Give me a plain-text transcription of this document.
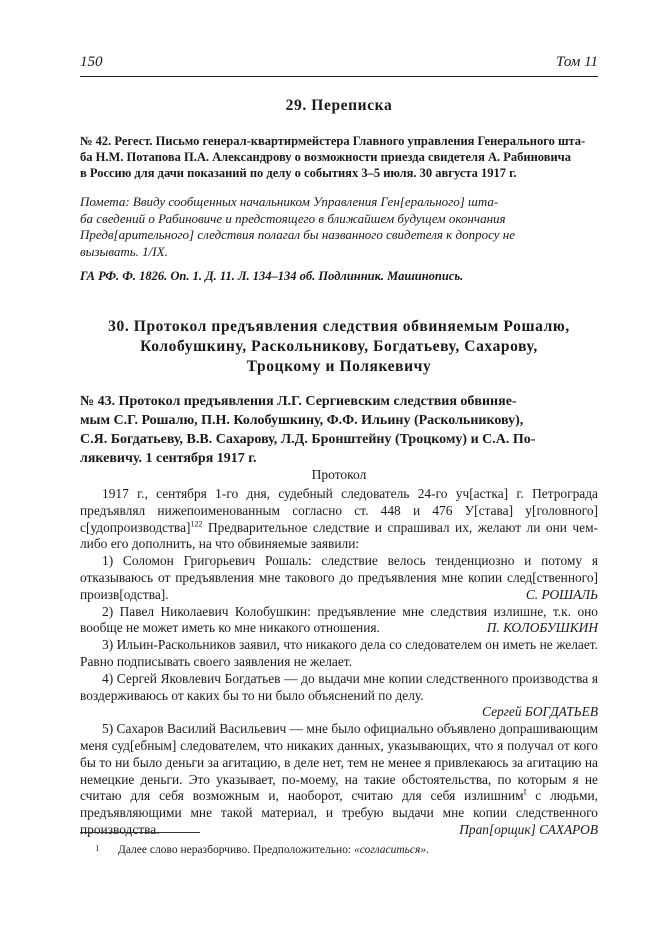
150	Том 11
29. Переписка
№ 42. Регест. Письмо генерал-квартирмейстера Главного управления Генерального шта-
ба Н.М. Потапова П.А. Александрову о возможности приезда свидетеля А. Рабиновича
в Россию для дачи показаний по делу о событиях 3–5 июля. 30 августа 1917 г.
Помета: Ввиду сообщенных начальником Управления Ген[ерального] шта-
ба сведений о Рабиновиче и предстоящего в ближайшем будущем окончания
Предв[арительного] следствия полагал бы названного свидетеля к допросу не
вызывать. 1/IX.
ГА РФ. Ф. 1826. Оп. 1. Д. 11. Л. 134–134 об. Подлинник. Машинопись.
30. Протокол предъявления следствия обвиняемым Рошалю,
Колобушкину, Раскольникову, Богдатьеву, Сахарову,
Троцкому и Полякевичу
№ 43. Протокол предъявления Л.Г. Сергиевским следствия обвиняе-
мым С.Г. Рошалю, П.Н. Колобушкину, Ф.Ф. Ильину (Раскольникову),
С.Я. Богдатьеву, В.В. Сахарову, Л.Д. Бронштейну (Троцкому) и С.А. По-
лякевичу. 1 сентября 1917 г.
Протокол

1917 г., сентября 1-го дня, судебный следователь 24-го уч[астка] г. Петрограда предъявлял нижепоименованным согласно ст. 448 и 476 У[става] у[головного] с[удопроизводства]$^{122}$ Предварительное следствие и спрашивал их, желают ли они чем-либо его дополнить, на что обвиняемые заявили:

1) Соломон Григорьевич Рошаль: следствие велось тенденциозно и потому я отказываюсь от предъявления мне такового до предъявления мне копии след[ственного] произв[одства].	С. РОШАЛЬ

2) Павел Николаевич Колобушкин: предъявление мне следствия излишне, т.к. оно вообще не может иметь ко мне никакого отношения.	П. КОЛОБУШКИН

3) Ильин-Раскольников заявил, что никакого дела со следователем он иметь не желает. Равно подписывать своего заявления не желает.

4) Сергей Яковлевич Богдатьев — до выдачи мне копии следственного производства я воздерживаюсь от каких бы то ни было объяснений по делу.

Сергей БОГДАТЬЕВ

5) Сахаров Василий Васильевич — мне было официально объявлено допрашивающим меня суд[ебным] следователем, что никаких данных, указывающих, что я получал от кого бы то ни было деньги за агитацию, в деле нет, тем не менее я привлекаюсь за агитацию на немецкие деньги. Это указывает, по-моему, на такие обстоятельства, по которым я не считаю для себя возможным и, наоборот, считаю для себя излишним$^I$ с людьми, предъявляющими мне такой материал, и требую выдачи мне копии следственного производства.	Прап[орщик] САХАРОВ
I Далее слово неразборчиво. Предположительно: «согласиться».
